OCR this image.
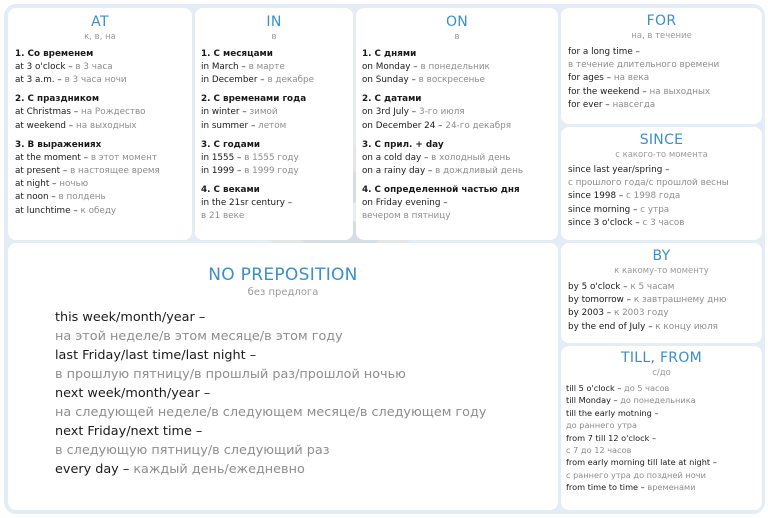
AT
к, в, на
1. Со временем
at 3 o'clock – в 3 часа
at 3 a.m. – в 3 часа ночи
2. С праздником
at Christmas – на Рождество
at weekend – на выходных
3. В выражениях
at the moment – в этот момент
at present – в настоящее время
at night – ночью
at noon – в полдень
at lunchtime – к обеду
IN
в
1. С месяцами
in March – в марте
in December – в декабре
2. С временами года
in winter – зимой
in summer – летом
3. С годами
in 1555 – в 1555 году
in 1999 – в 1999 году
4. С веками
in the 21sr century –
в 21 веке
ON
в
1. С днями
on Monday – в понедельник
on Sunday – в воскресенье
2. С датами
on 3rd July – 3-го июля
on December 24 – 24-го декабря
3. С прил. + day
on a cold day – в холодный день
on a rainy day – в дождливый день
4. С определенной частью дня
on Friday evening –
вечером в пятницу
FOR
на, в течение
for a long time –
в течение длительного времени
for ages – на века
for the weekend – на выходных
for ever – навсегда
SINCE
с какого-то момента
since last year/spring –
с прошлого года/с прошлой весны
since 1998 – с 1998 года
since morning – с утра
since 3 o'clock – с 3 часов
NO PREPOSITION
без предлога
this week/month/year –
на этой неделе/в этом месяце/в этом году
last Friday/last time/last night –
в прошлую пятницу/в прошлый раз/прошлой ночью
next week/month/year –
на следующей неделе/в следующем месяце/в следующем году
next Friday/next time –
в следующую пятницу/в следующий раз
every day – каждый день/ежедневно
BY
к какому-то моменту
by 5 o'clock – к 5 часам
by tomorrow – к завтрашнему дню
by 2003 – к 2003 году
by the end of July – к концу июля
TILL, FROM
с/до
till 5 o'clock – до 5 часов
till Monday – до понедельника
till the early motning –
до раннего утра
from 7 till 12 o'clock –
с 7 до 12 часов
from early morning till late at night –
с раннего утра до поздней ночи
from time to time – временами
